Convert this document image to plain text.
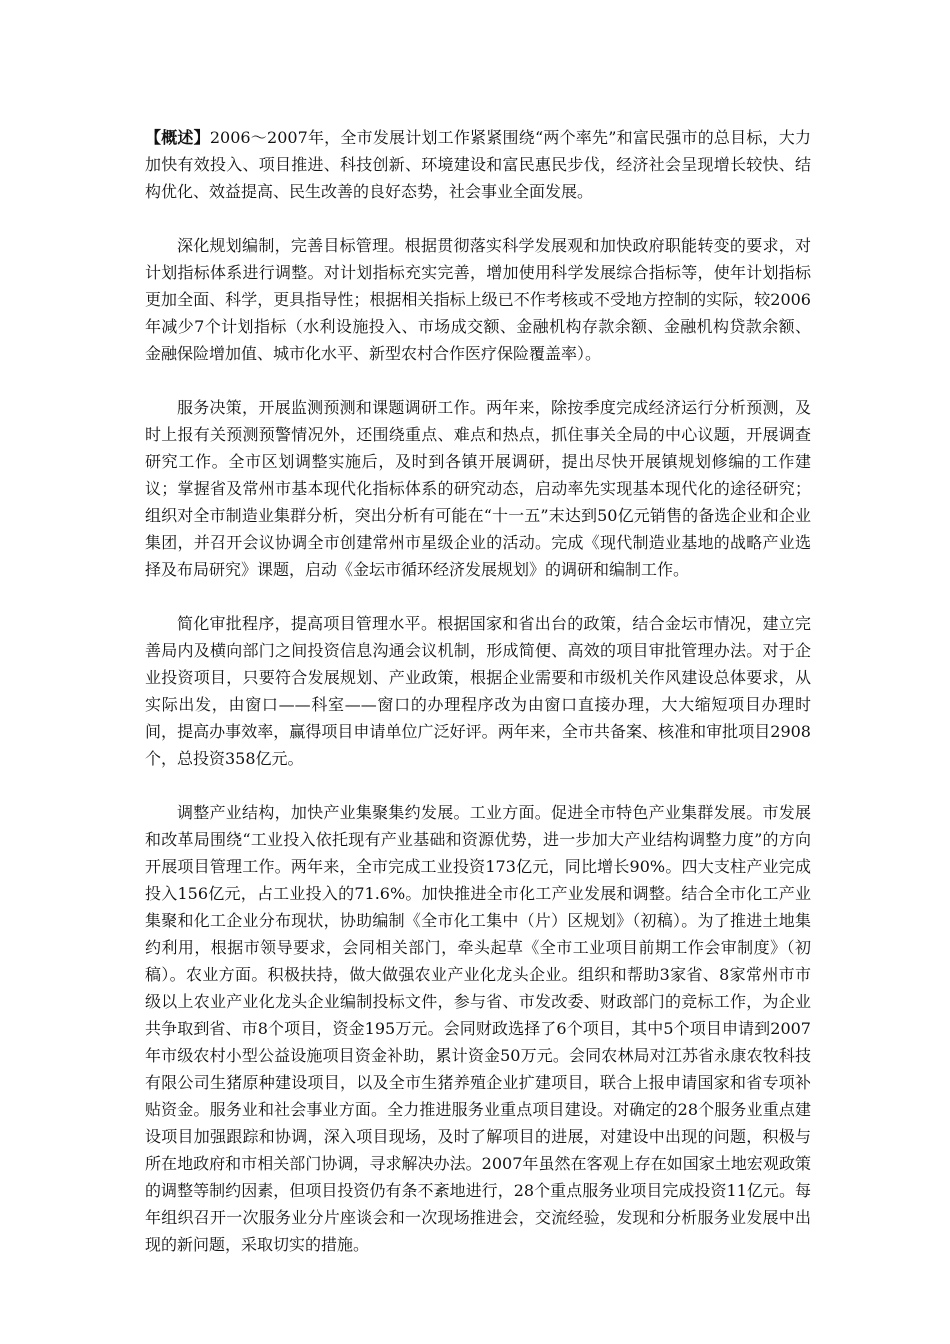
【概述】2006～2007年，全市发展计划工作紧紧围绕“两个率先”和富民强市的总目标，大力加快有效投入、项目推进、科技创新、环境建设和富民惠民步伐，经济社会呈现增长较快、结构优化、效益提高、民生改善的良好态势，社会事业全面发展。

深化规划编制，完善目标管理。根据贯彻落实科学发展观和加快政府职能转变的要求，对计划指标体系进行调整。对计划指标充实完善，增加使用科学发展综合指标等，使年计划指标更加全面、科学，更具指导性；根据相关指标上级已不作考核或不受地方控制的实际，较2006年减少7个计划指标（水利设施投入、市场成交额、金融机构存款余额、金融机构贷款余额、金融保险增加值、城市化水平、新型农村合作医疗保险覆盖率）。

服务决策，开展监测预测和课题调研工作。两年来，除按季度完成经济运行分析预测，及时上报有关预测预警情况外，还围绕重点、难点和热点，抓住事关全局的中心议题，开展调查研究工作。全市区划调整实施后，及时到各镇开展调研，提出尽快开展镇规划修编的工作建议；掌握省及常州市基本现代化指标体系的研究动态，启动率先实现基本现代化的途径研究；组织对全市制造业集群分析，突出分析有可能在“十一五”末达到50亿元销售的备选企业和企业集团，并召开会议协调全市创建常州市星级企业的活动。完成《现代制造业基地的战略产业选择及布局研究》课题，启动《金坛市循环经济发展规划》的调研和编制工作。

简化审批程序，提高项目管理水平。根据国家和省出台的政策，结合金坛市情况，建立完善局内及横向部门之间投资信息沟通会议机制，形成简便、高效的项目审批管理办法。对于企业投资项目，只要符合发展规划、产业政策，根据企业需要和市级机关作风建设总体要求，从实际出发，由窗口——科室——窗口的办理程序改为由窗口直接办理，大大缩短项目办理时间，提高办事效率，赢得项目申请单位广泛好评。两年来，全市共备案、核准和审批项目2908个，总投资358亿元。

调整产业结构，加快产业集聚集约发展。工业方面。促进全市特色产业集群发展。市发展和改革局围绕“工业投入依托现有产业基础和资源优势，进一步加大产业结构调整力度”的方向开展项目管理工作。两年来，全市完成工业投资173亿元，同比增长90%。四大支柱产业完成投入156亿元，占工业投入的71.6%。加快推进全市化工产业发展和调整。结合全市化工产业集聚和化工企业分布现状，协助编制《全市化工集中（片）区规划》（初稿）。为了推进土地集约利用，根据市领导要求，会同相关部门，牵头起草《全市工业项目前期工作会审制度》（初稿）。农业方面。积极扶持，做大做强农业产业化龙头企业。组织和帮助3家省、8家常州市市级以上农业产业化龙头企业编制投标文件，参与省、市发改委、财政部门的竞标工作，为企业共争取到省、市8个项目，资金195万元。会同财政选择了6个项目，其中5个项目申请到2007年市级农村小型公益设施项目资金补助，累计资金50万元。会同农林局对江苏省永康农牧科技有限公司生猪原种建设项目，以及全市生猪养殖企业扩建项目，联合上报申请国家和省专项补贴资金。服务业和社会事业方面。全力推进服务业重点项目建设。对确定的28个服务业重点建设项目加强跟踪和协调，深入项目现场，及时了解项目的进展，对建设中出现的问题，积极与所在地政府和市相关部门协调，寻求解决办法。2007年虽然在客观上存在如国家土地宏观政策的调整等制约因素，但项目投资仍有条不紊地进行，28个重点服务业项目完成投资11亿元。每年组织召开一次服务业分片座谈会和一次现场推进会，交流经验，发现和分析服务业发展中出现的新问题，采取切实的措施。
